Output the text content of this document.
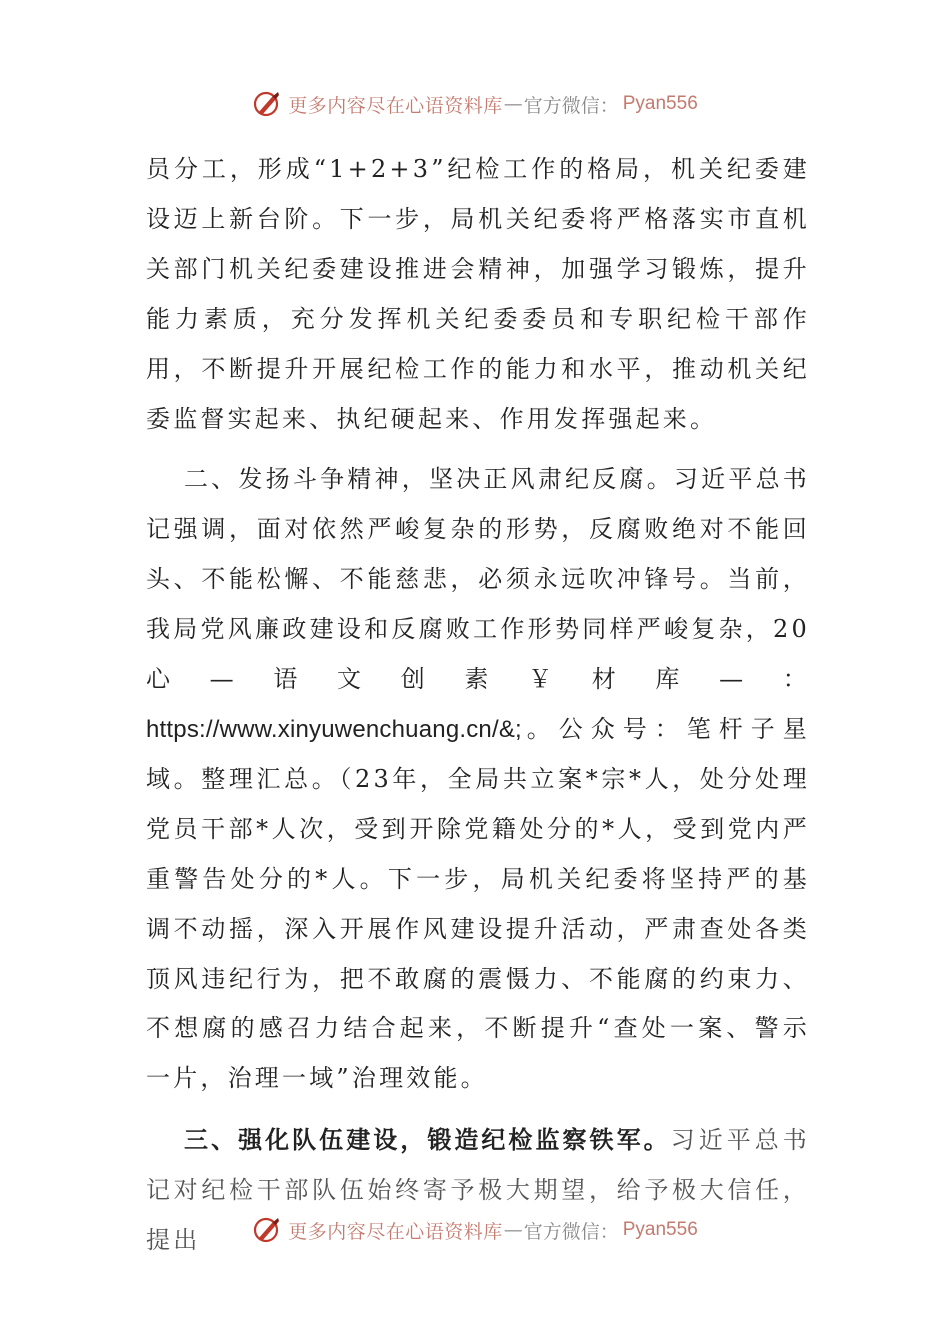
更多内容尽在心语资料库 — 官方微信： Pyan556

员分工，形成“1+2+3”纪检工作的格局，机关纪委建设迈上新台阶。下一步，局机关纪委将严格落实市直机关部门机关纪委建设推进会精神，加强学习锻炼，提升能力素质，充分发挥机关纪委委员和专职纪检干部作用，不断提升开展纪检工作的能力和水平，推动机关纪委监督实起来、执纪硬起来、作用发挥强起来。

二、发扬斗争精神，坚决正风肃纪反腐。习近平总书记强调，面对依然严峻复杂的形势，反腐败绝对不能回头、不能松懈、不能慈悲，必须永远吹冲锋号。当前，我局党风廉政建设和反腐败工作形势同样严峻复杂，20心—语文创素￥材库—：https://www.xinyuwenchuang.cn/&;。公众号：笔杆子星域。整理汇总。（23年，全局共立案*宗*人，处分处理党员干部*人次，受到开除党籍处分的*人，受到党内严重警告处分的*人。下一步，局机关纪委将坚持严的基调不动摇，深入开展作风建设提升活动，严肃查处各类顶风违纪行为，把不敢腐的震慑力、不能腐的约束力、不想腐的感召力结合起来，不断提升“查处一案、警示一片，治理一域”治理效能。

三、强化队伍建设，锻造纪检监察铁军。习近平总书记对纪检干部队伍始终寄予极大期望，给予极大信任，提出	更多内容尽在心语资料库 — 官方微信： Pyan556
